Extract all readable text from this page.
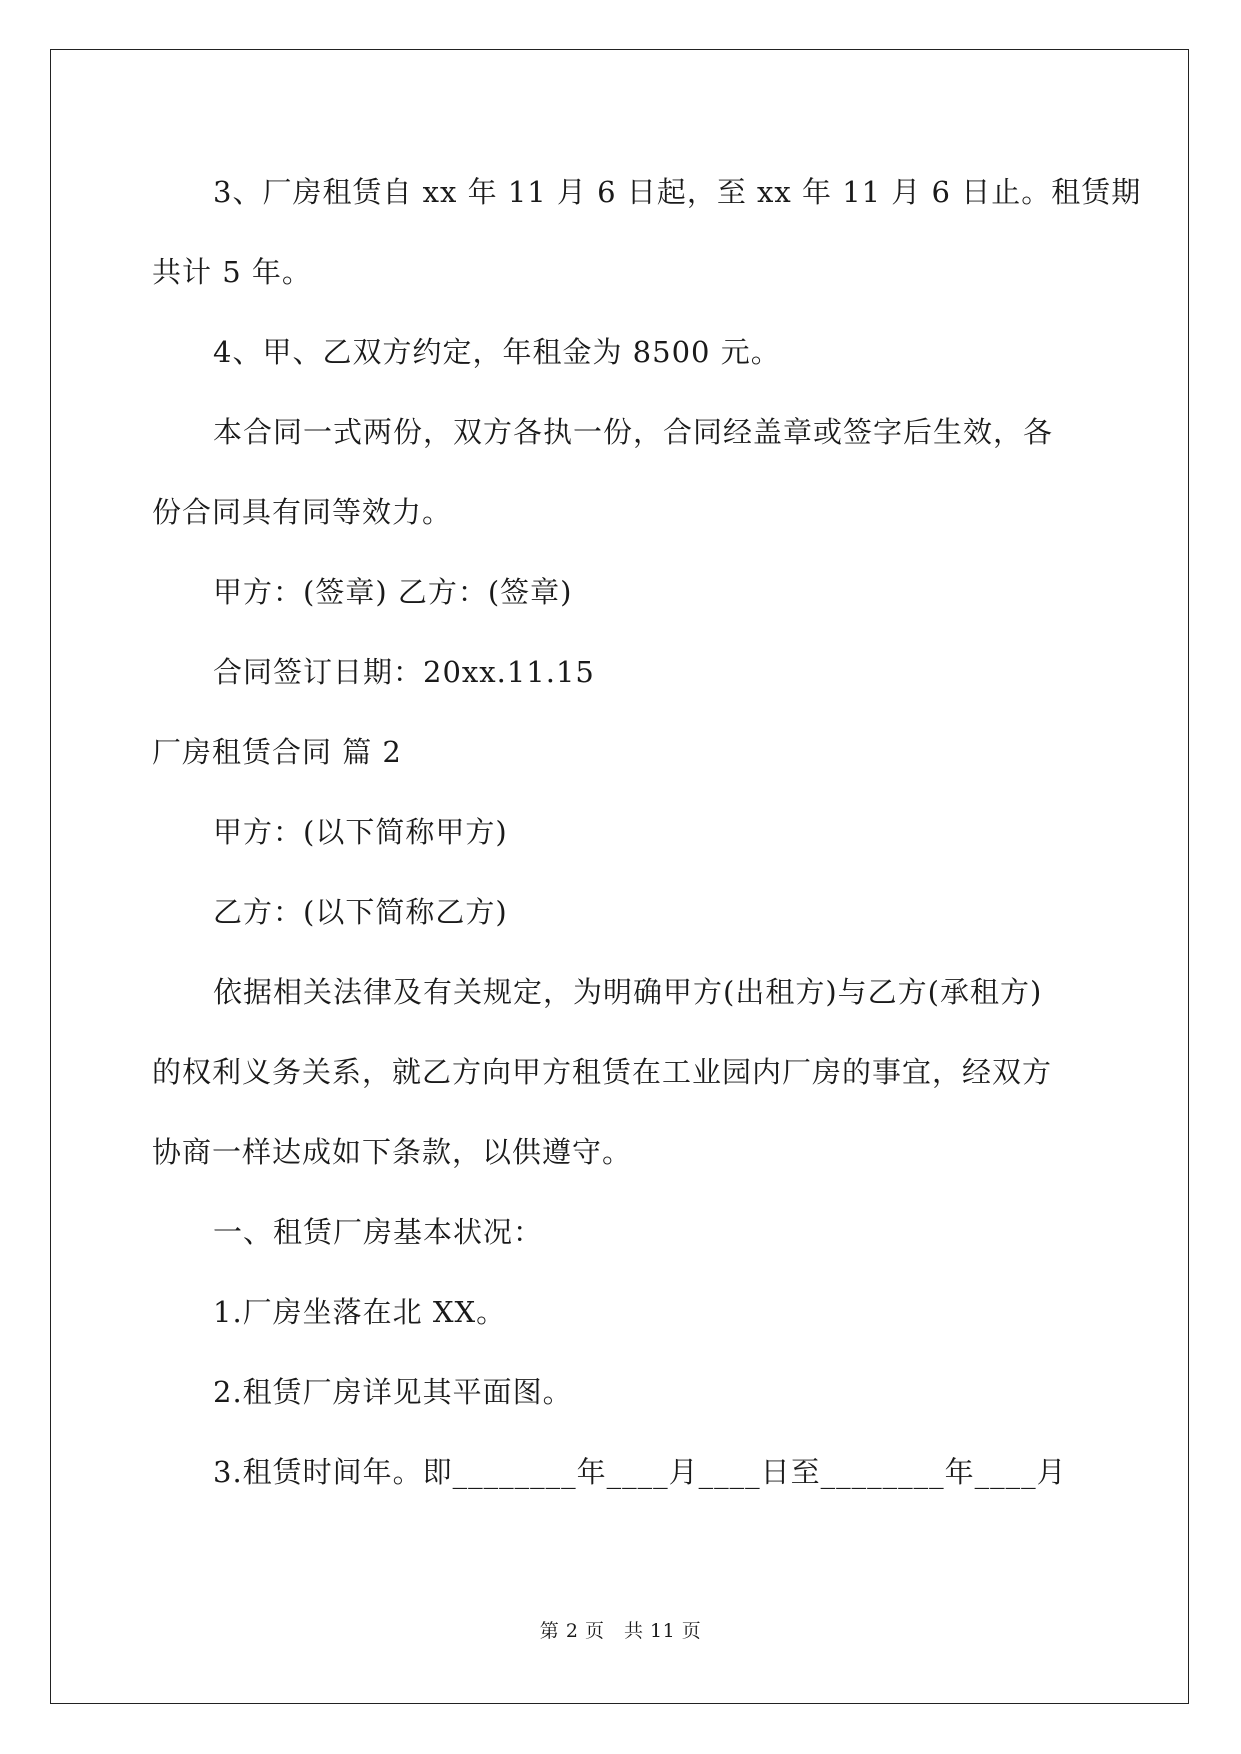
3、厂房租赁自 xx 年 11 月 6 日起，至 xx 年 11 月 6 日止。租赁期
共计 5 年。
4、甲、乙双方约定，年租金为 8500 元。
本合同一式两份，双方各执一份，合同经盖章或签字后生效，各
份合同具有同等效力。
甲方：(签章) 乙方：(签章)
合同签订日期：20xx.11.15
厂房租赁合同 篇 2
甲方：(以下简称甲方)
乙方：(以下简称乙方)
依据相关法律及有关规定，为明确甲方(出租方)与乙方(承租方)
的权利义务关系，就乙方向甲方租赁在工业园内厂房的事宜，经双方
协商一样达成如下条款，以供遵守。
一、租赁厂房基本状况：
1.厂房坐落在北 XX。
2.租赁厂房详见其平面图。
3.租赁时间年。即________年____月____日至________年____月
第 2 页　共 11 页
